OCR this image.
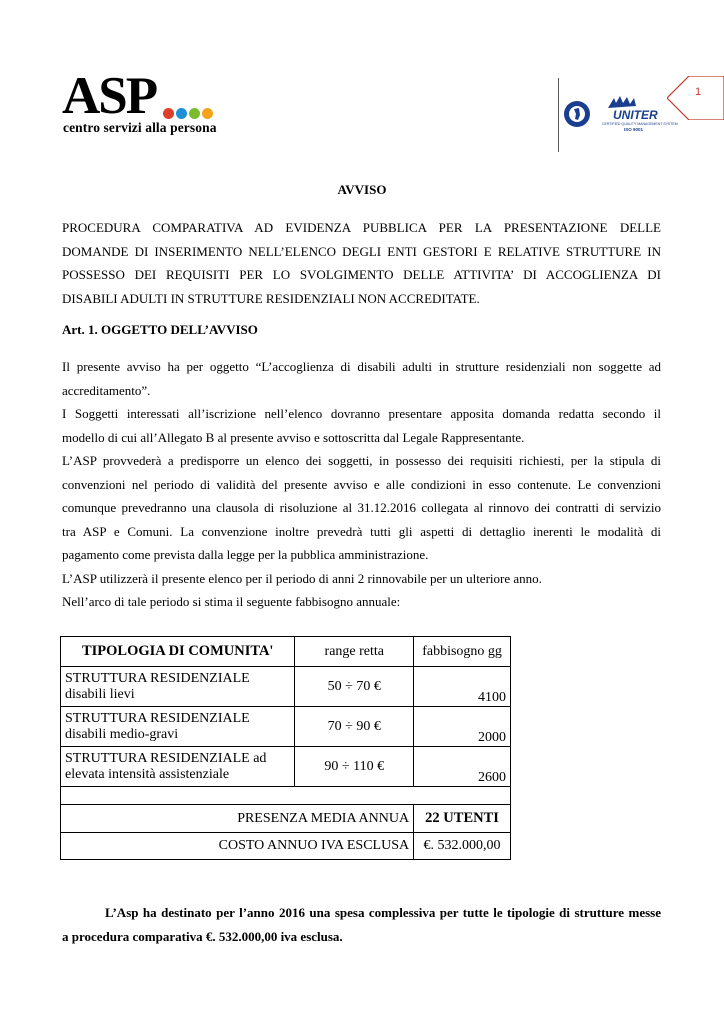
ASP
centro servizi alla persona
UNITER
CERTIFIED QUALITY MANAGEMENT SYSTEM
ISO 9001
1
AVVISO
PROCEDURA COMPARATIVA AD EVIDENZA PUBBLICA PER LA PRESENTAZIONE DELLE
DOMANDE DI INSERIMENTO NELL’ELENCO DEGLI ENTI GESTORI E RELATIVE STRUTTURE IN
POSSESSO DEI REQUISITI PER LO SVOLGIMENTO DELLE ATTIVITA’ DI ACCOGLIENZA DI
DISABILI ADULTI IN STRUTTURE RESIDENZIALI NON ACCREDITATE.
Art. 1. OGGETTO DELL’AVVISO
Il presente avviso ha per oggetto “L’accoglienza di disabili adulti in strutture residenziali non soggette ad
accreditamento”.
I Soggetti interessati all’iscrizione nell’elenco dovranno presentare apposita domanda redatta secondo il
modello di cui all’Allegato B al presente avviso e sottoscritta dal Legale Rappresentante.
L’ASP provvederà a predisporre un elenco dei soggetti, in possesso dei requisiti richiesti, per la stipula di
convenzioni nel periodo di validità del presente avviso e alle condizioni in esso contenute. Le convenzioni
comunque prevedranno una clausola di risoluzione al 31.12.2016 collegata al rinnovo dei contratti di servizio
tra ASP e Comuni. La convenzione inoltre prevedrà tutti gli aspetti di dettaglio inerenti le modalità di
pagamento come prevista dalla legge per la pubblica amministrazione.
L’ASP utilizzerà il presente elenco per il periodo di anni 2 rinnovabile per un ulteriore anno.
Nell’arco di tale periodo si stima il seguente fabbisogno annuale:
TIPOLOGIA DI COMUNITA'	range retta	fabbisogno gg

STRUTTURA RESIDENZIALE
disabili lievi	50 ÷ 70 €	4100

STRUTTURA RESIDENZIALE
disabili medio-gravi	70 ÷ 90 €	2000

STRUTTURA RESIDENZIALE ad
elevata intensità assistenziale	90 ÷ 110 €	2600

PRESENZA MEDIA ANNUA		22 UTENTI
COSTO ANNUO IVA ESCLUSA		€. 532.000,00
L’Asp ha destinato per l’anno 2016 una spesa complessiva per tutte le tipologie di strutture messe
a procedura comparativa €. 532.000,00 iva esclusa.
